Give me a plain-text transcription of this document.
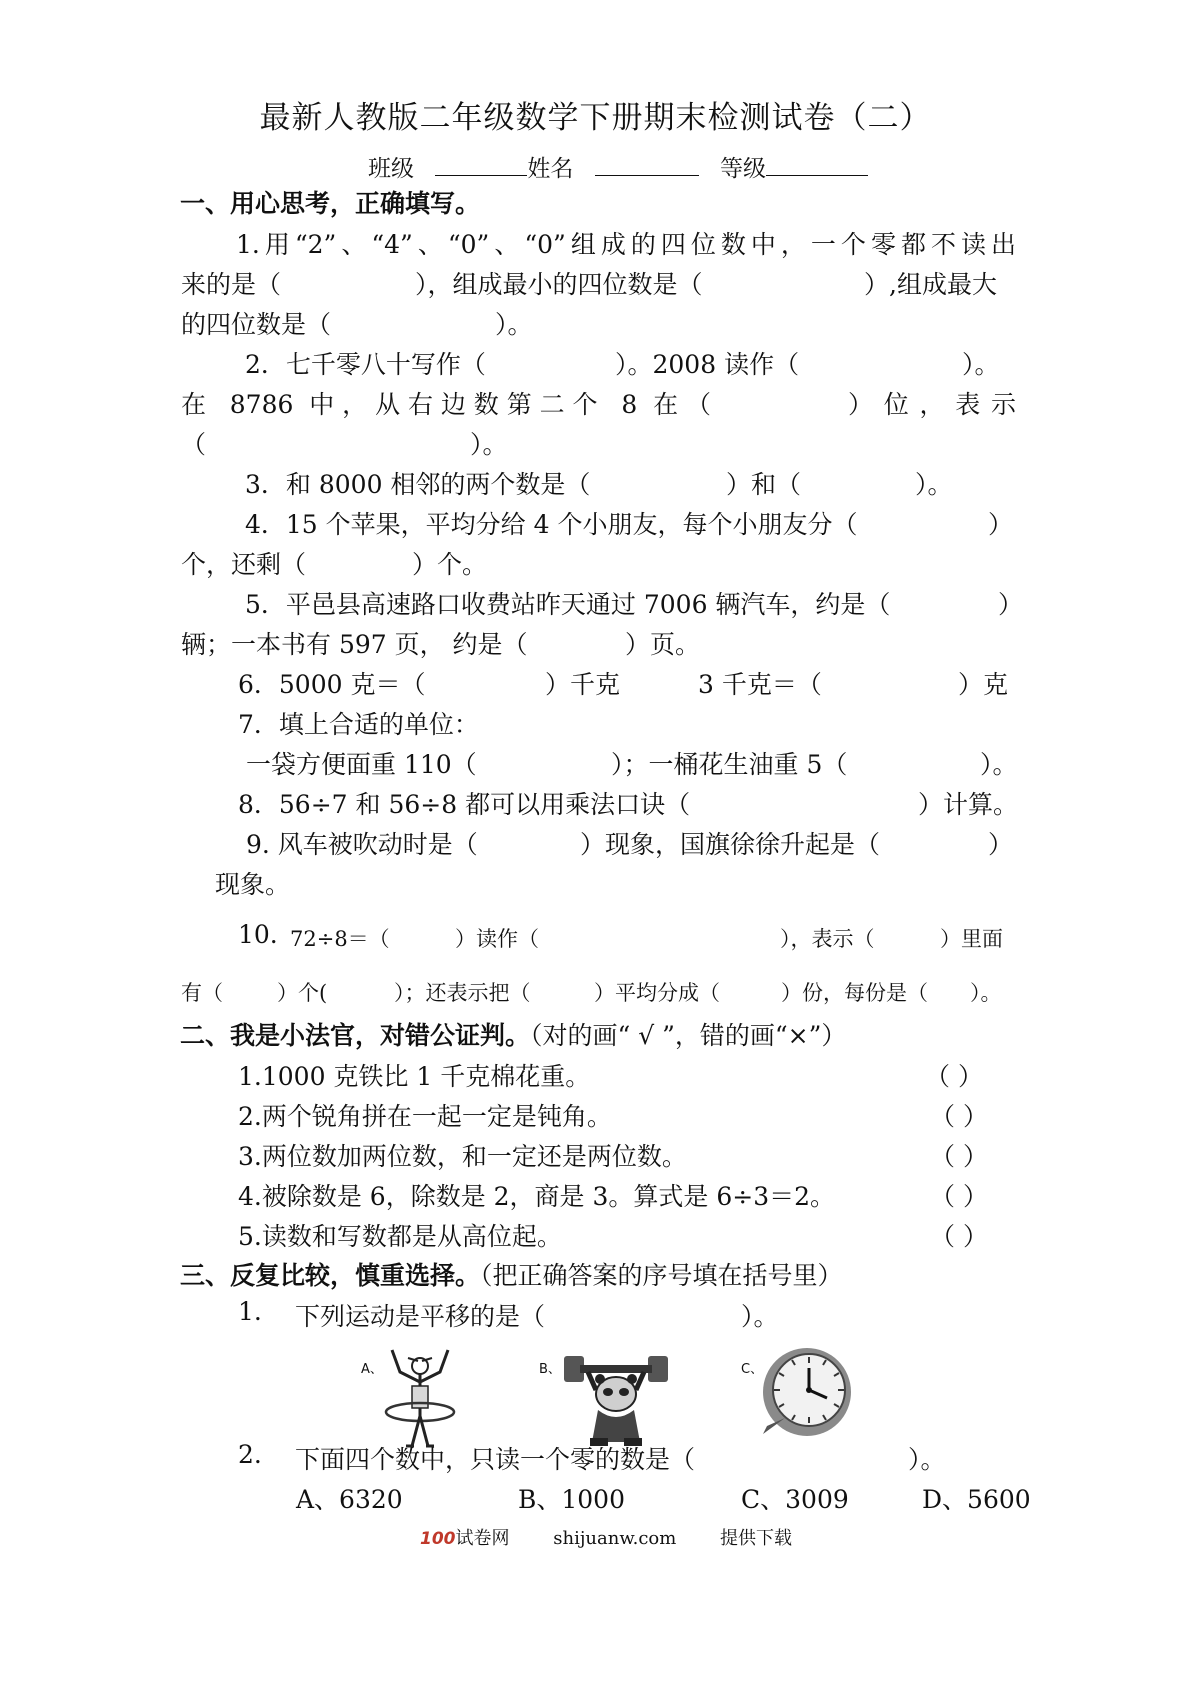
最新人教版二年级数学下册期末检测试卷（二）
班级	姓名	等级
一、用心思考，正确填写。
1.用“2”、“4”、“0”、“0”组成的四位数中，一个零都不读出
来的是（	），组成最小的四位数是（	）,组成最大
的四位数是（	）。
2．七千零八十写作（	）。2008 读作（	）。
在 8786 中，从右边数第二个 8 在（	）位，表示
（	）。
3．和 8000 相邻的两个数是（	）和（	）。
4．15 个苹果，平均分给 4 个小朋友，每个小朋友分（	）
个，还剩（	）个。
5．平邑县高速路口收费站昨天通过 7006 辆汽车，约是（	）
辆；一本书有 597 页， 约是（	）页。
6．5000 克＝（	）千克	3 千克＝（	）克
7．填上合适的单位：
一袋方便面重 110（	）；一桶花生油重 5（	）。
8．56÷7 和 56÷8 都可以用乘法口诀（	）计算。
9. 风车被吹动时是（	）现象，国旗徐徐升起是（	）
现象。
10. 72÷8＝（	）读作（	），表示（	）里面
有（	）个(	）；还表示把（	）平均分成（	）份，每份是（ ）。
二、我是小法官，对错公证判。（对的画“ √ ”，错的画“×”）
1.1000 克铁比 1 千克棉花重。	（ ）
2.两个锐角拼在一起一定是钝角。	（ ）
3.两位数加两位数，和一定还是两位数。	（ ）
4.被除数是 6，除数是 2，商是 3。算式是 6÷3＝2。	（ ）
5.读数和写数都是从高位起。	（ ）
三、反复比较，慎重选择。（把正确答案的序号填在括号里）
1. 下列运动是平移的是（	）。
A、	B、	C、
2. 下面四个数中，只读一个零的数是（	）。
A、6320	B、1000	C、3009	D、5600
100试卷网 shijuanw.com 提供下载
